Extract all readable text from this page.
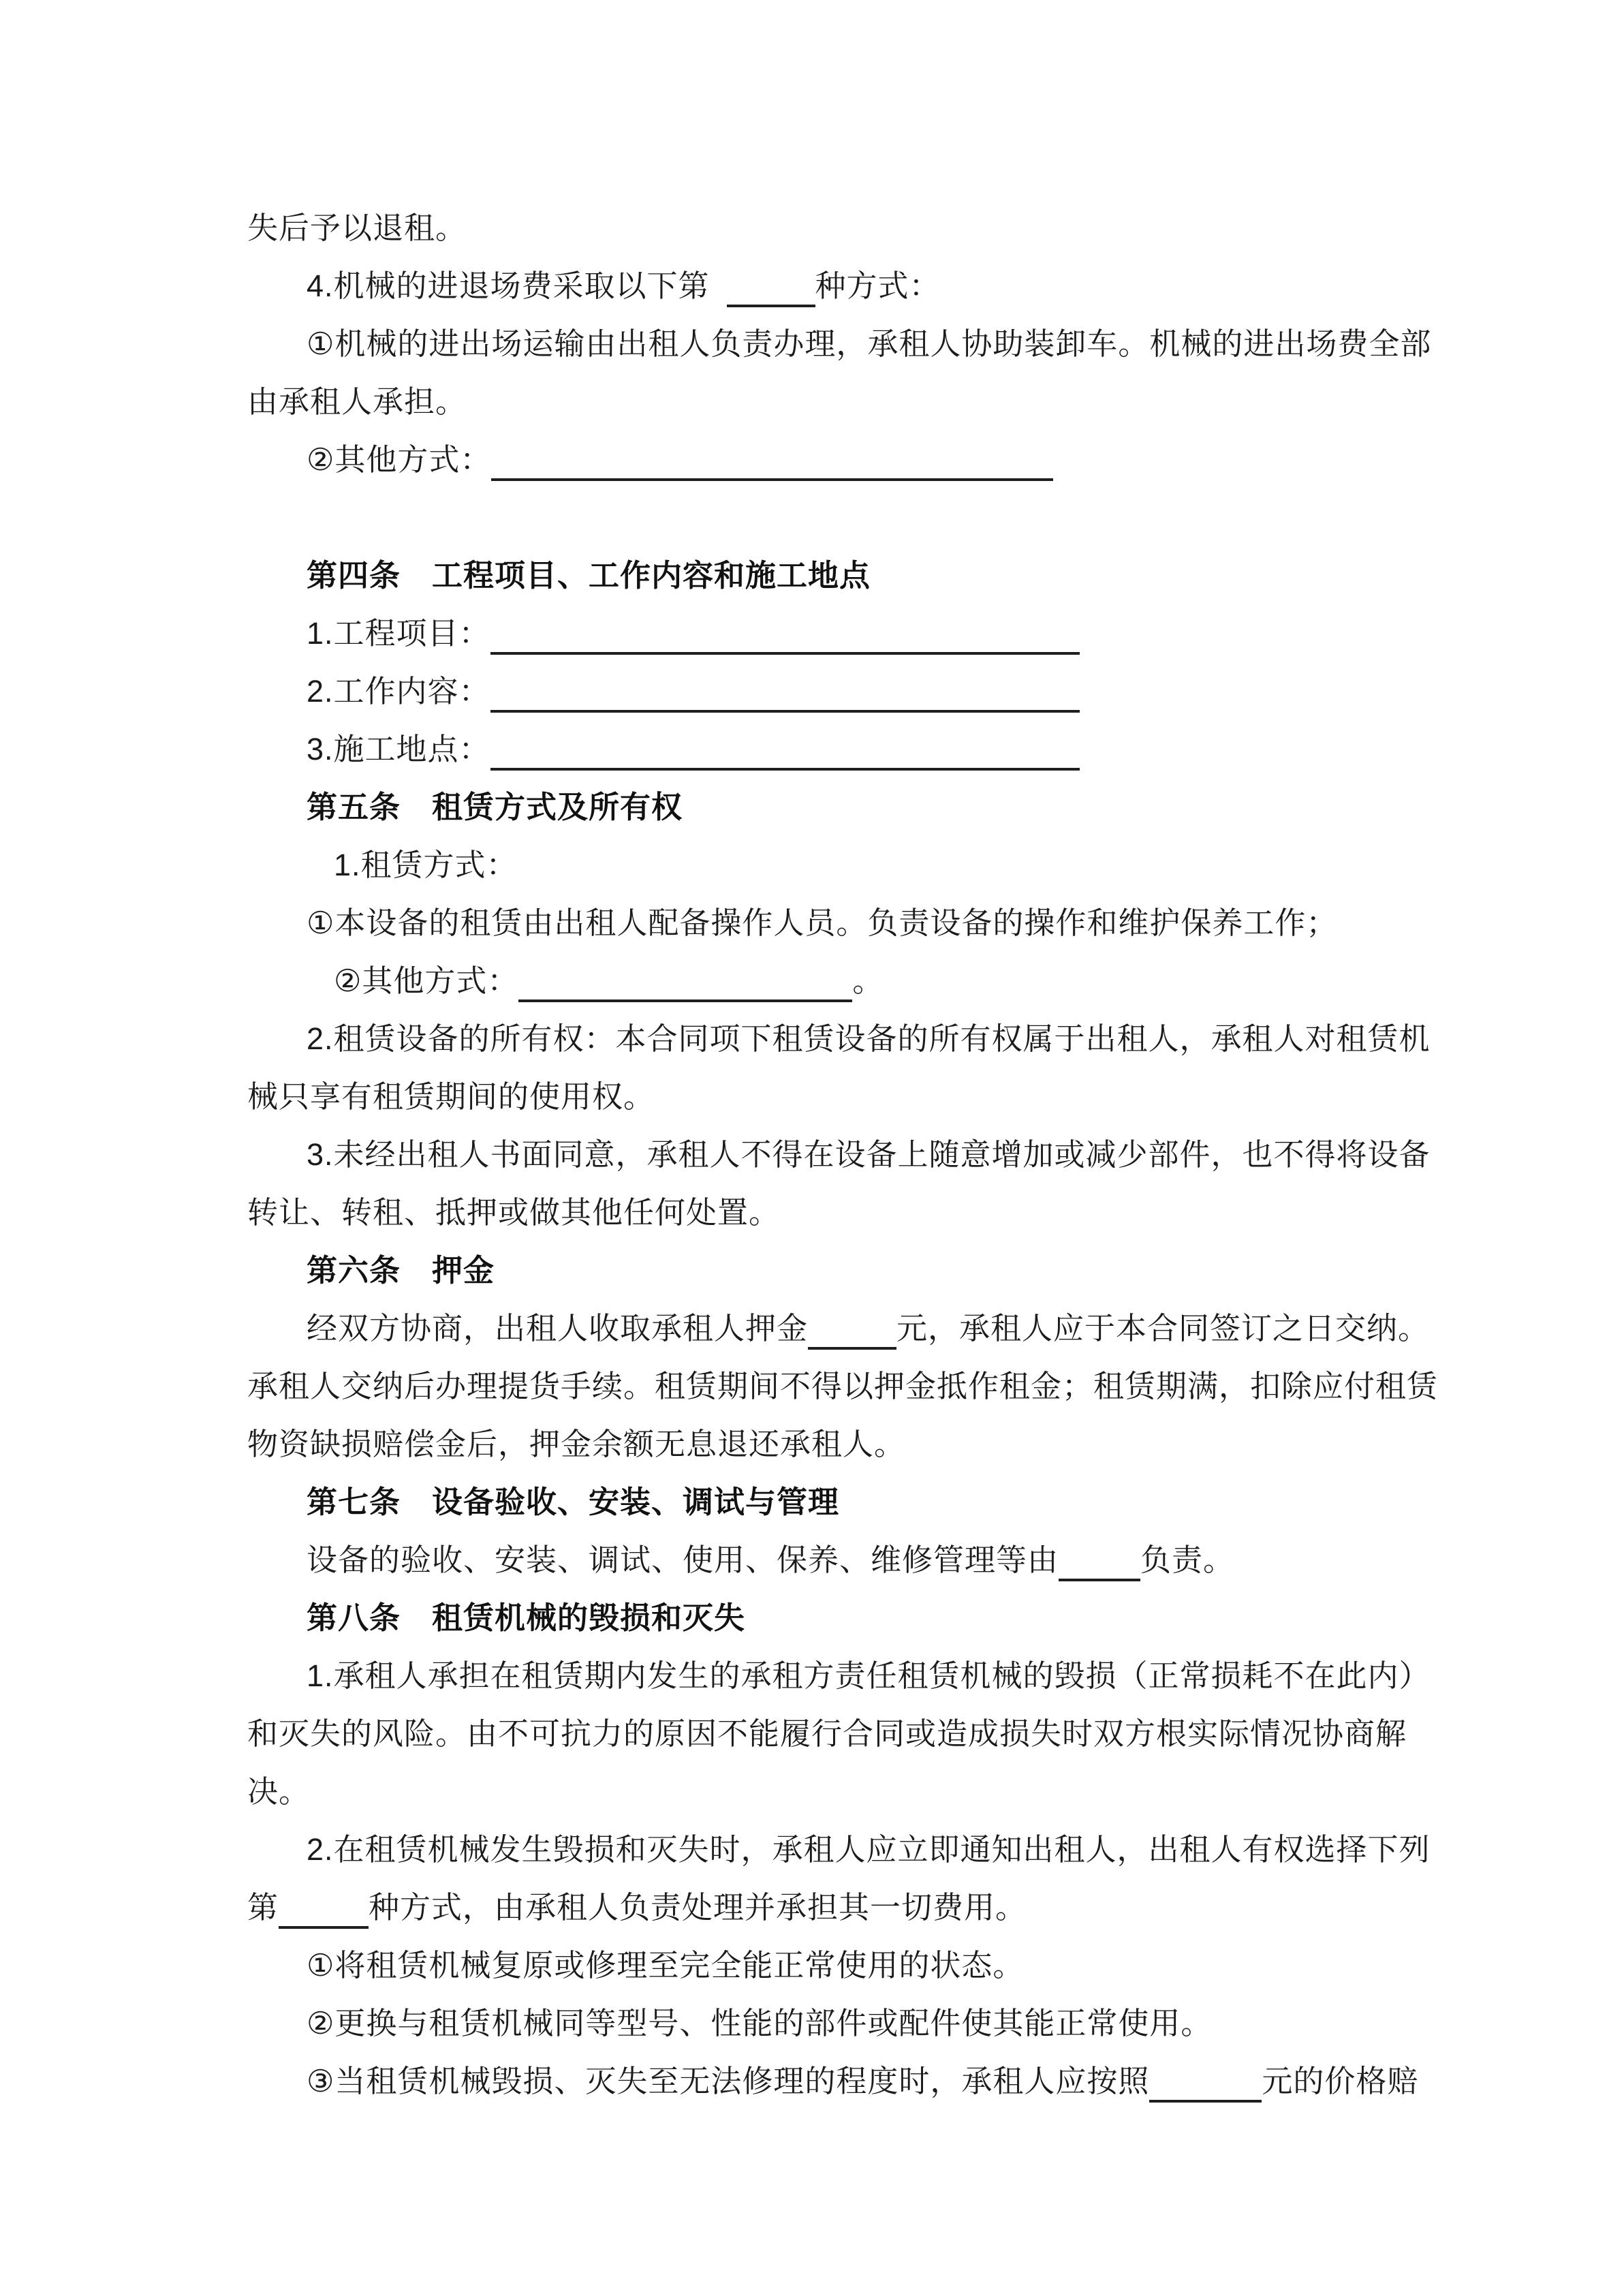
失后予以退租。
4.机械的进退场费采取以下第	种方式：
①机械的进出场运输由出租人负责办理，承租人协助装卸车。机械的进出场费全部
由承租人承担。
②其他方式：
第四条　工程项目、工作内容和施工地点
1.工程项目：
2.工作内容：
3.施工地点：
第五条　租赁方式及所有权
1.租赁方式：
①本设备的租赁由出租人配备操作人员。负责设备的操作和维护保养工作；
②其他方式：	。
2.租赁设备的所有权：本合同项下租赁设备的所有权属于出租人，承租人对租赁机
械只享有租赁期间的使用权。
3.未经出租人书面同意，承租人不得在设备上随意增加或减少部件，也不得将设备
转让、转租、抵押或做其他任何处置。
第六条　押金
经双方协商，出租人收取承租人押金	元，承租人应于本合同签订之日交纳。
承租人交纳后办理提货手续。租赁期间不得以押金抵作租金；租赁期满，扣除应付租赁
物资缺损赔偿金后，押金余额无息退还承租人。
第七条　设备验收、安装、调试与管理
设备的验收、安装、调试、使用、保养、维修管理等由	负责。
第八条　租赁机械的毁损和灭失
1.承租人承担在租赁期内发生的承租方责任租赁机械的毁损（正常损耗不在此内）
和灭失的风险。由不可抗力的原因不能履行合同或造成损失时双方根实际情况协商解
决。
2.在租赁机械发生毁损和灭失时，承租人应立即通知出租人，出租人有权选择下列
第	种方式，由承租人负责处理并承担其一切费用。
①将租赁机械复原或修理至完全能正常使用的状态。
②更换与租赁机械同等型号、性能的部件或配件使其能正常使用。
③当租赁机械毁损、灭失至无法修理的程度时，承租人应按照	元的价格赔
